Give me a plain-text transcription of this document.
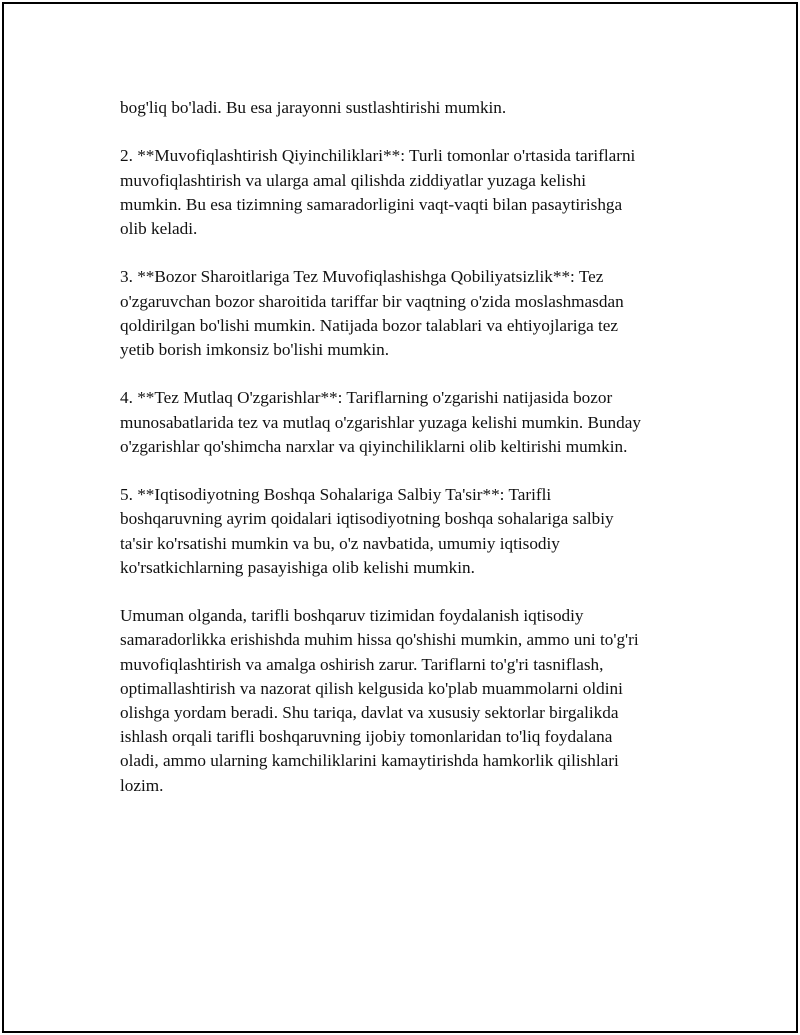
bog'liq bo'ladi. Bu esa jarayonni sustlashtirishi mumkin.

2. **Muvofiqlashtirish Qiyinchiliklari**: Turli tomonlar o'rtasida tariflarni
muvofiqlashtirish va ularga amal qilishda ziddiyatlar yuzaga kelishi
mumkin. Bu esa tizimning samaradorligini vaqt-vaqti bilan pasaytirishga
olib keladi.

3. **Bozor Sharoitlariga Tez Muvofiqlashishga Qobiliyatsizlik**: Tez
o'zgaruvchan bozor sharoitida tariffar bir vaqtning o'zida moslashmasdan
qoldirilgan bo'lishi mumkin. Natijada bozor talablari va ehtiyojlariga tez
yetib borish imkonsiz bo'lishi mumkin.

4. **Tez Mutlaq O'zgarishlar**: Tariflarning o'zgarishi natijasida bozor
munosabatlarida tez va mutlaq o'zgarishlar yuzaga kelishi mumkin. Bunday
o'zgarishlar qo'shimcha narxlar va qiyinchiliklarni olib keltirishi mumkin.

5. **Iqtisodiyotning Boshqa Sohalariga Salbiy Ta'sir**: Tarifli
boshqaruvning ayrim qoidalari iqtisodiyotning boshqa sohalariga salbiy
ta'sir ko'rsatishi mumkin va bu, o'z navbatida, umumiy iqtisodiy
ko'rsatkichlarning pasayishiga olib kelishi mumkin.

Umuman olganda, tarifli boshqaruv tizimidan foydalanish iqtisodiy
samaradorlikka erishishda muhim hissa qo'shishi mumkin, ammo uni to'g'ri
muvofiqlashtirish va amalga oshirish zarur. Tariflarni to'g'ri tasniflash,
optimallashtirish va nazorat qilish kelgusida ko'plab muammolarni oldini
olishga yordam beradi. Shu tariqa, davlat va xususiy sektorlar birgalikda
ishlash orqali tarifli boshqaruvning ijobiy tomonlaridan to'liq foydalana
oladi, ammo ularning kamchiliklarini kamaytirishda hamkorlik qilishlari
lozim.
